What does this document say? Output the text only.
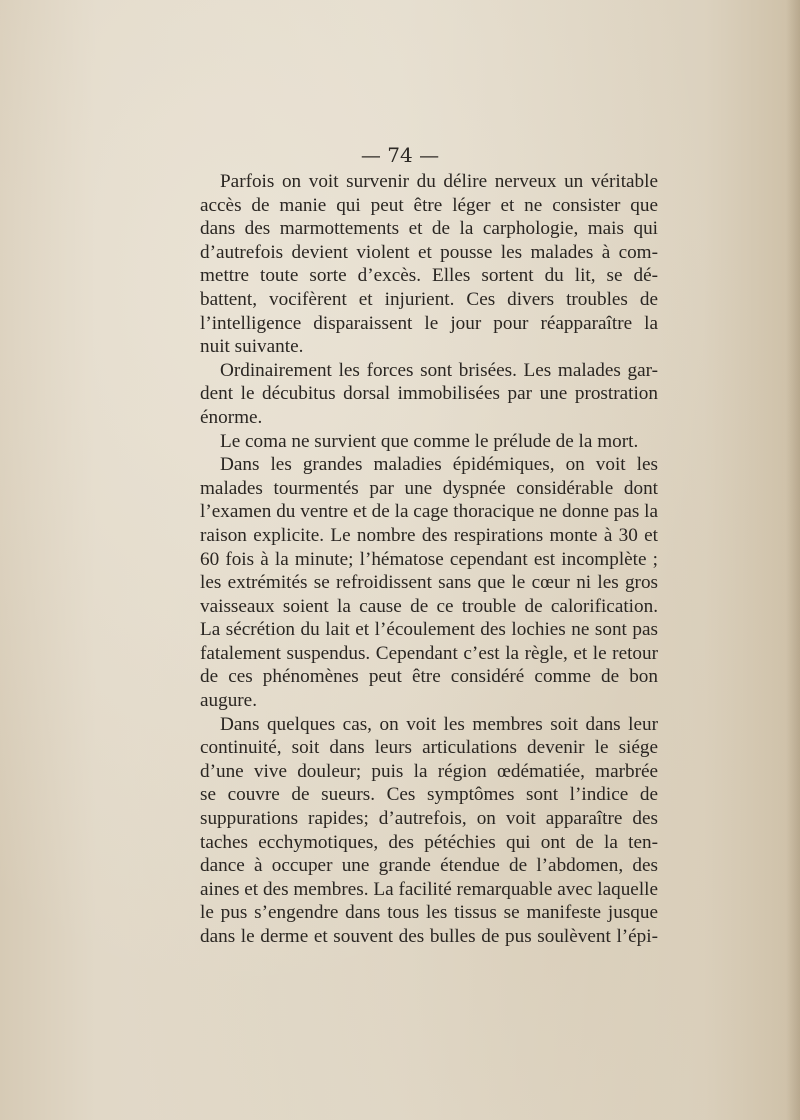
— 74 —
Parfois on voit survenir du délire nerveux un véritable
accès de manie qui peut être léger et ne consister que
dans des marmottements et de la carphologie, mais qui
d’autrefois devient violent et pousse les malades à com-
mettre toute sorte d’excès. Elles sortent du lit, se dé-
battent, vocifèrent et injurient. Ces divers troubles de
l’intelligence disparaissent le jour pour réapparaître la
nuit suivante.
Ordinairement les forces sont brisées. Les malades gar-
dent le décubitus dorsal immobilisées par une prostration
énorme.
Le coma ne survient que comme le prélude de la mort.
Dans les grandes maladies épidémiques, on voit les
malades tourmentés par une dyspnée considérable dont
l’examen du ventre et de la cage thoracique ne donne pas la
raison explicite. Le nombre des respirations monte à 30 et
60 fois à la minute; l’hématose cependant est incomplète ;
les extrémités se refroidissent sans que le cœur ni les gros
vaisseaux soient la cause de ce trouble de calorification.
La sécrétion du lait et l’écoulement des lochies ne sont pas
fatalement suspendus. Cependant c’est la règle, et le retour
de ces phénomènes peut être considéré comme de bon
augure.
Dans quelques cas, on voit les membres soit dans leur
continuité, soit dans leurs articulations devenir le siége
d’une vive douleur; puis la région œdématiée, marbrée
se couvre de sueurs. Ces symptômes sont l’indice de
suppurations rapides; d’autrefois, on voit apparaître des
taches ecchymotiques, des pétéchies qui ont de la ten-
dance à occuper une grande étendue de l’abdomen, des
aines et des membres. La facilité remarquable avec laquelle
le pus s’engendre dans tous les tissus se manifeste jusque
dans le derme et souvent des bulles de pus soulèvent l’épi-
